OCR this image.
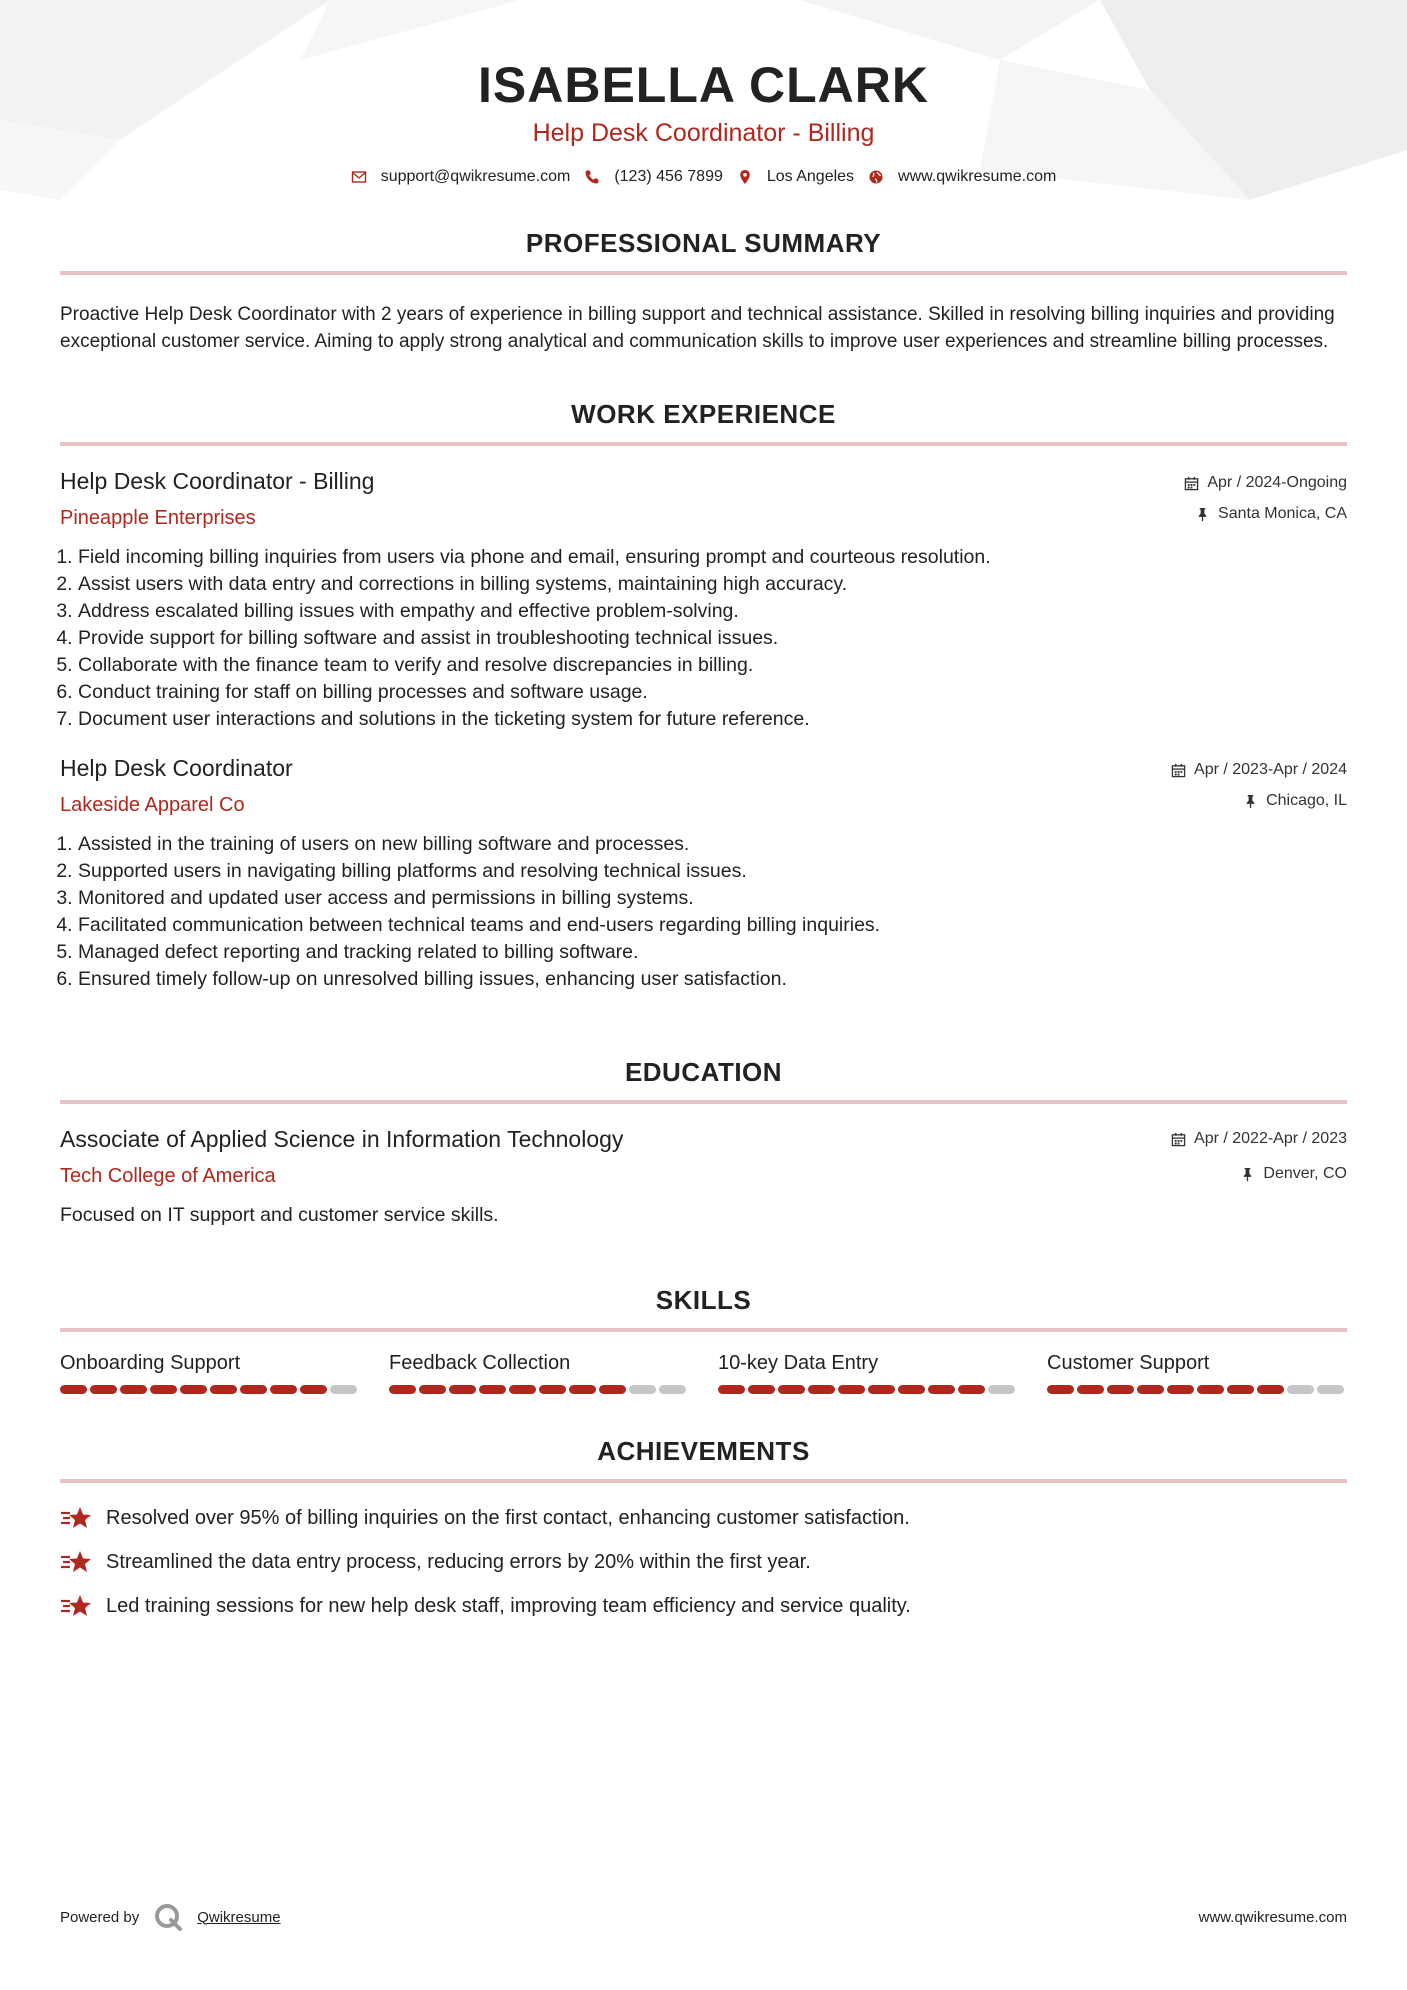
ISABELLA CLARK
Help Desk Coordinator - Billing
support@qwikresume.com	(123) 456 7899	Los Angeles	www.qwikresume.com
PROFESSIONAL SUMMARY

Proactive Help Desk Coordinator with 2 years of experience in billing support and technical assistance. Skilled in resolving billing inquiries and providing exceptional customer service. Aiming to apply strong analytical and communication skills to improve user experiences and streamline billing processes.

WORK EXPERIENCE
Help Desk Coordinator - Billing
Pineapple Enterprises
Apr / 2024-Ongoing
Santa Monica, CA
1. Field incoming billing inquiries from users via phone and email, ensuring prompt and courteous resolution.
2. Assist users with data entry and corrections in billing systems, maintaining high accuracy.
3. Address escalated billing issues with empathy and effective problem-solving.
4. Provide support for billing software and assist in troubleshooting technical issues.
5. Collaborate with the finance team to verify and resolve discrepancies in billing.
6. Conduct training for staff on billing processes and software usage.
7. Document user interactions and solutions in the ticketing system for future reference.
Help Desk Coordinator
Lakeside Apparel Co
Apr / 2023-Apr / 2024
Chicago, IL
1. Assisted in the training of users on new billing software and processes.
2. Supported users in navigating billing platforms and resolving technical issues.
3. Monitored and updated user access and permissions in billing systems.
4. Facilitated communication between technical teams and end-users regarding billing inquiries.
5. Managed defect reporting and tracking related to billing software.
6. Ensured timely follow-up on unresolved billing issues, enhancing user satisfaction.
EDUCATION
Associate of Applied Science in Information Technology
Tech College of America
Apr / 2022-Apr / 2023
Denver, CO
Focused on IT support and customer service skills.
SKILLS
Onboarding Support	Feedback Collection	10-key Data Entry	Customer Support
ACHIEVEMENTS
Resolved over 95% of billing inquiries on the first contact, enhancing customer satisfaction.
Streamlined the data entry process, reducing errors by 20% within the first year.
Led training sessions for new help desk staff, improving team efficiency and service quality.
Powered by	Qwikresume	www.qwikresume.com
